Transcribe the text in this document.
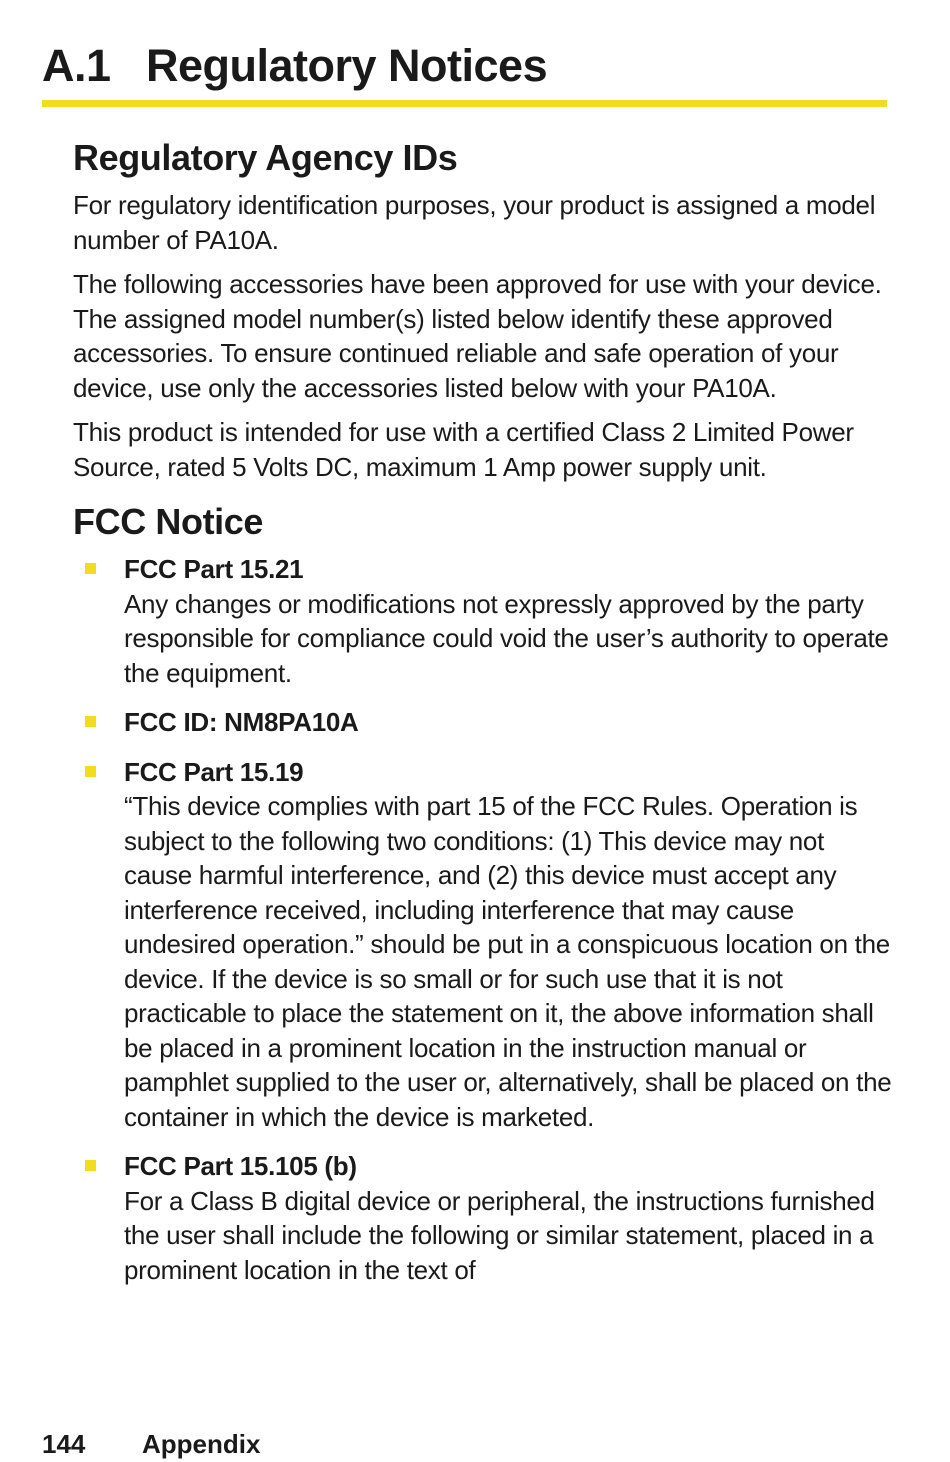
A.1 Regulatory Notices
Regulatory Agency IDs

For regulatory identification purposes, your product is assigned a model number of PA10A.

The following accessories have been approved for use with your device. The assigned model number(s) listed below identify these approved accessories. To ensure continued reliable and safe operation of your device, use only the accessories listed below with your PA10A.

This product is intended for use with a certified Class 2 Limited Power Source, rated 5 Volts DC, maximum 1 Amp power supply unit.

FCC Notice
FCC Part 15.21
Any changes or modifications not expressly approved by the party responsible for compliance could void the user’s authority to operate the equipment.
FCC ID: NM8PA10A
FCC Part 15.19
“This device complies with part 15 of the FCC Rules. Operation is subject to the following two conditions: (1) This device may not cause harmful interference, and (2) this device must accept any interference received, including interference that may cause undesired operation.” should be put in a conspicuous location on the device. If the device is so small or for such use that it is not practicable to place the statement on it, the above information shall be placed in a prominent location in the instruction manual or pamphlet supplied to the user or, alternatively, shall be placed on the container in which the device is marketed.
FCC Part 15.105 (b)
For a Class B digital device or peripheral, the instructions furnished the user shall include the following or similar statement, placed in a prominent location in the text of
144 Appendix
